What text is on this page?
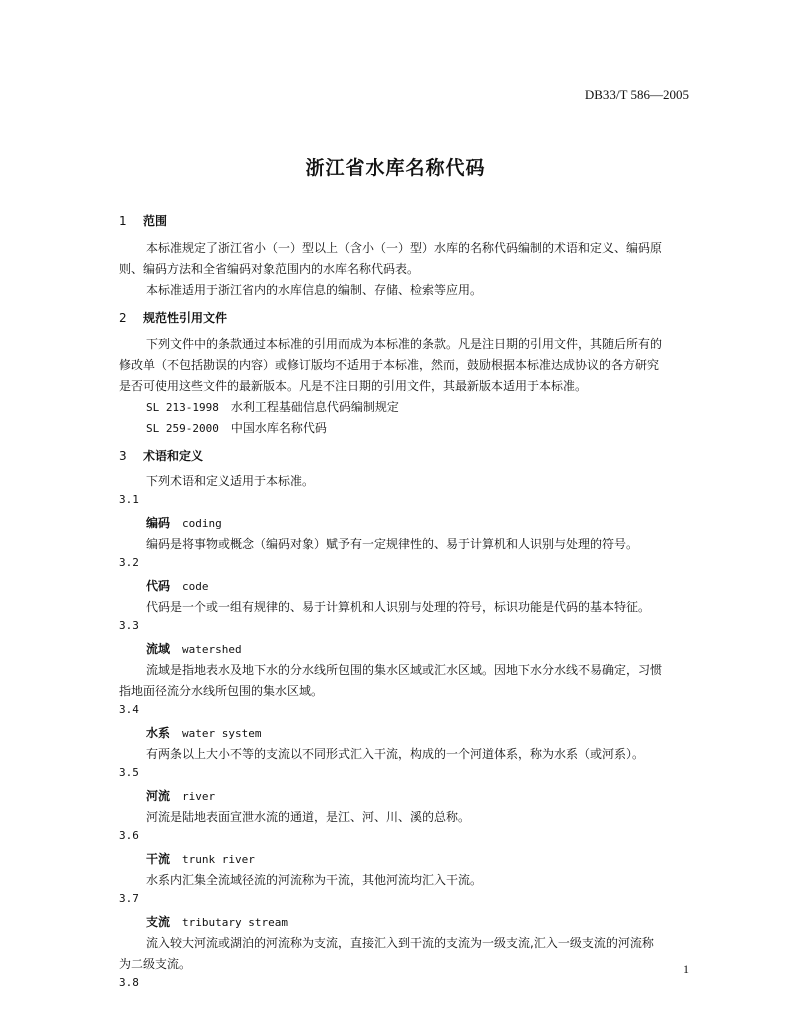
DB33/T 586—2005
浙江省水库名称代码
1 范围
本标准规定了浙江省小（一）型以上（含小（一）型）水库的名称代码编制的术语和定义、编码原
则、编码方法和全省编码对象范围内的水库名称代码表。
本标准适用于浙江省内的水库信息的编制、存储、检索等应用。
2 规范性引用文件
下列文件中的条款通过本标准的引用而成为本标准的条款。凡是注日期的引用文件，其随后所有的
修改单（不包括勘误的内容）或修订版均不适用于本标准，然而，鼓励根据本标准达成协议的各方研究
是否可使用这些文件的最新版本。凡是不注日期的引用文件，其最新版本适用于本标准。
SL 213-1998 水利工程基础信息代码编制规定
SL 259-2000 中国水库名称代码
3 术语和定义
下列术语和定义适用于本标准。
3.1
编码 coding
编码是将事物或概念（编码对象）赋予有一定规律性的、易于计算机和人识别与处理的符号。
3.2
代码 code
代码是一个或一组有规律的、易于计算机和人识别与处理的符号，标识功能是代码的基本特征。
3.3
流域 watershed
流域是指地表水及地下水的分水线所包围的集水区域或汇水区域。因地下水分水线不易确定，习惯
指地面径流分水线所包围的集水区域。
3.4
水系 water system
有两条以上大小不等的支流以不同形式汇入干流，构成的一个河道体系，称为水系（或河系）。
3.5
河流 river
河流是陆地表面宣泄水流的通道，是江、河、川、溪的总称。
3.6
干流 trunk river
水系内汇集全流域径流的河流称为干流，其他河流均汇入干流。
3.7
支流 tributary stream
流入较大河流或湖泊的河流称为支流，直接汇入到干流的支流为一级支流,汇入一级支流的河流称
为二级支流。
3.8
1
